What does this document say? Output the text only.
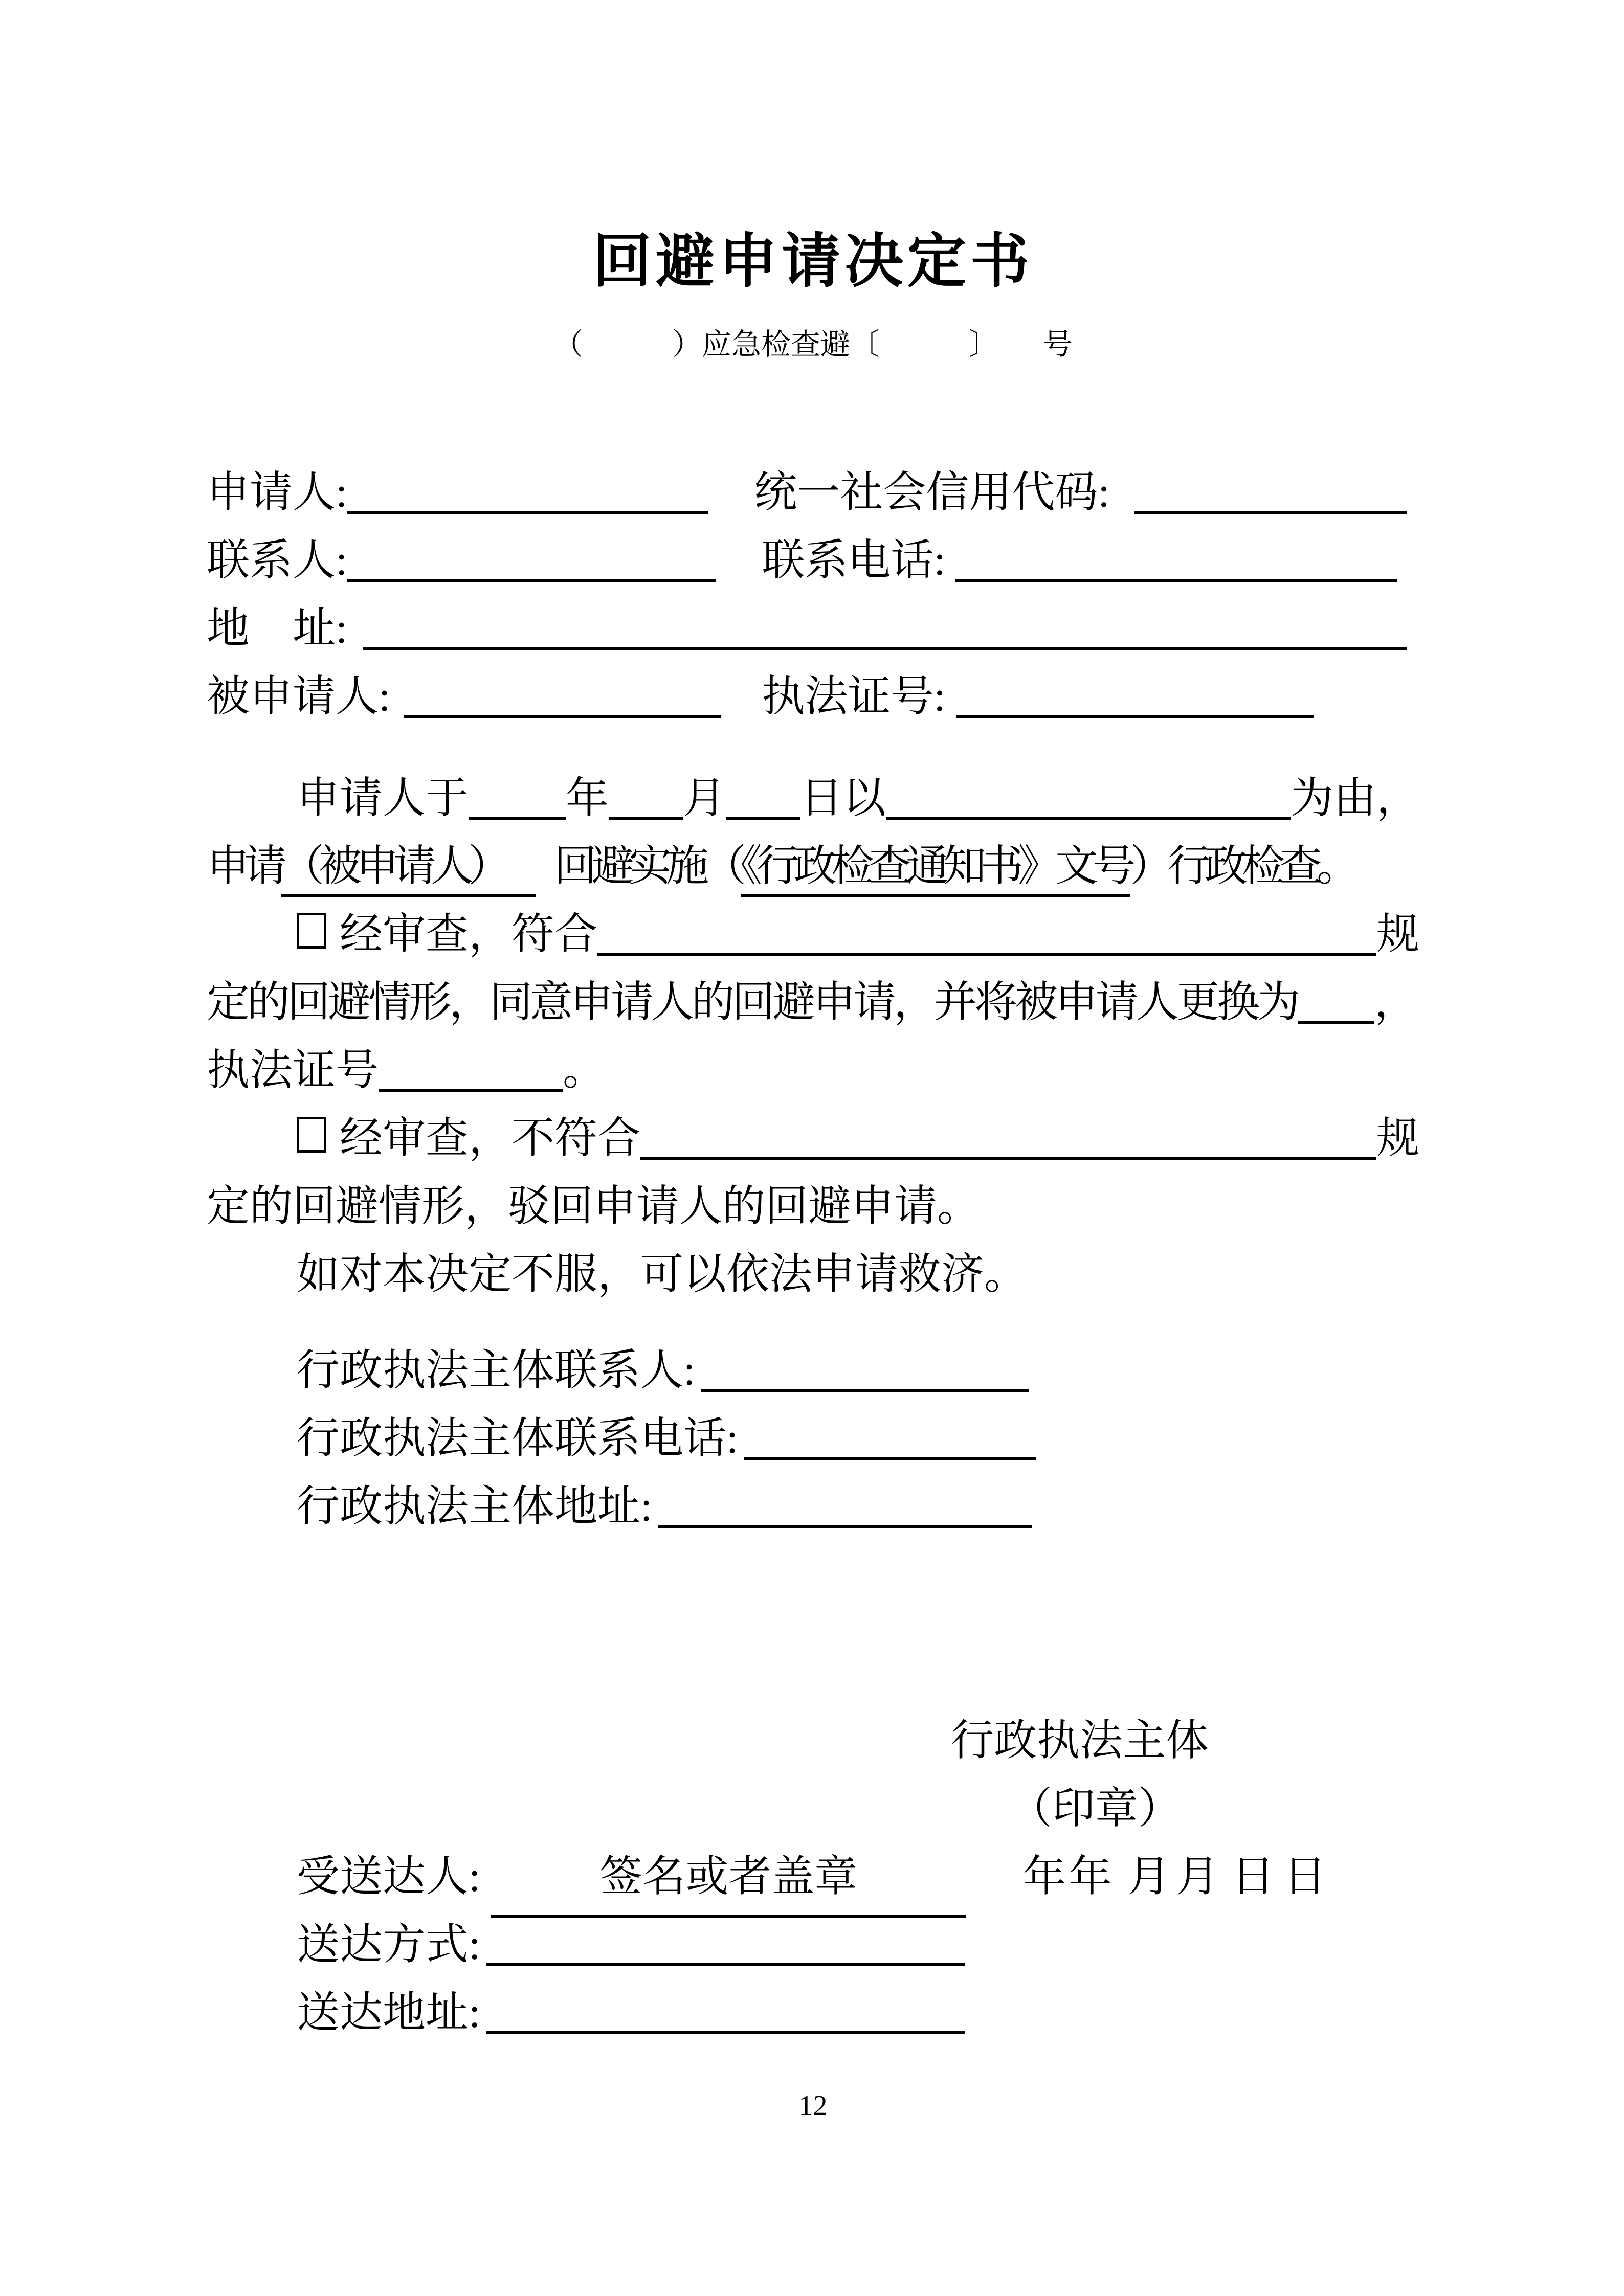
回避申请决定书
（　　　）应急检查避〔　　　〕　　号
申请人:	统一社会信用代码:
联系人:	联系电话:
地　址:
被申请人:	执法证号:
申请人于 年 月 日以	为由，
申请（被申请人） 回避实施（《行政检查通知书》文号）行政检查。
经审查，符合	规
定的回避情形，同意申请人的回避申请，并将被申请人更换为 ，
执法证号	。
经审查，不符合	规
定的回避情形，驳回申请人的回避申请。
如对本决定不服，可以依法申请救济。
行政执法主体联系人:
行政执法主体联系电话:
行政执法主体地址:

行政执法主体

（印章）

年 月 日

受送达人:	签名或者盖章	年 月 日
送达方式:
送达地址:
12
